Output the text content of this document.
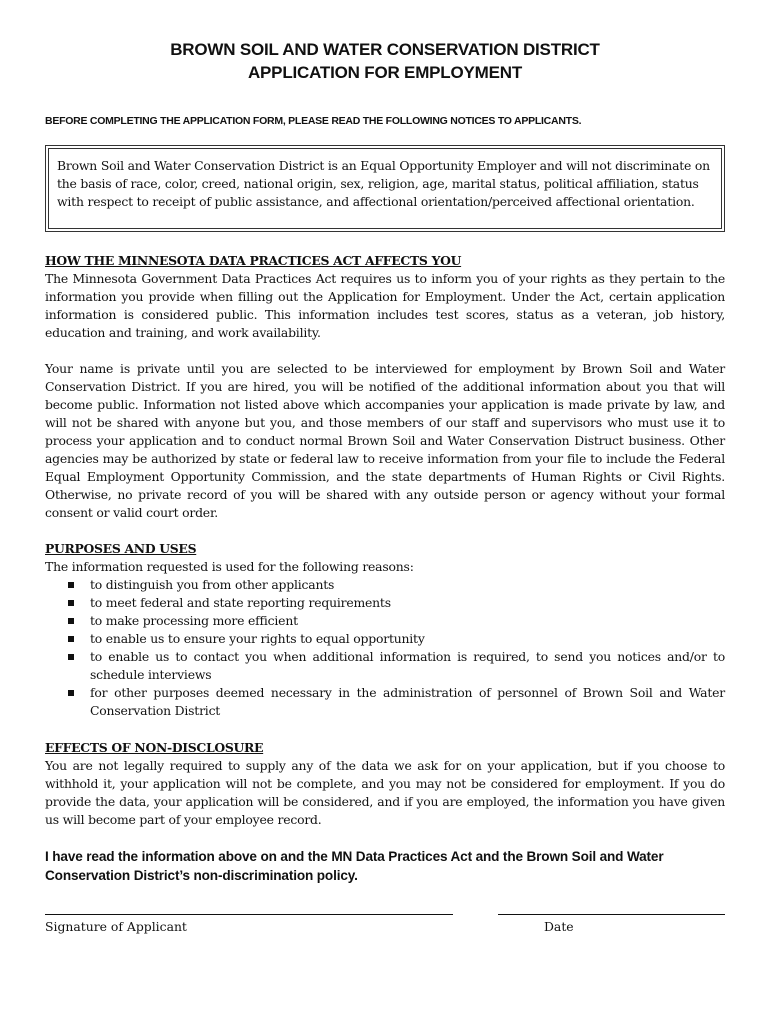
BROWN SOIL AND WATER CONSERVATION DISTRICT
APPLICATION FOR EMPLOYMENT
BEFORE COMPLETING THE APPLICATION FORM, PLEASE READ THE FOLLOWING NOTICES TO APPLICANTS.
Brown Soil and Water Conservation District is an Equal Opportunity Employer and will not discriminate on the basis of race, color, creed, national origin, sex, religion, age, marital status, political affiliation, status with respect to receipt of public assistance, and affectional orientation/perceived affectional orientation.
HOW THE MINNESOTA DATA PRACTICES ACT AFFECTS YOU

The Minnesota Government Data Practices Act requires us to inform you of your rights as they pertain to the information you provide when filling out the Application for Employment. Under the Act, certain application information is considered public. This information includes test scores, status as a veteran, job history, education and training, and work availability.

Your name is private until you are selected to be interviewed for employment by Brown Soil and Water Conservation District. If you are hired, you will be notified of the additional information about you that will become public. Information not listed above which accompanies your application is made private by law, and will not be shared with anyone but you, and those members of our staff and supervisors who must use it to process your application and to conduct normal Brown Soil and Water Conservation Distruct business. Other agencies may be authorized by state or federal law to receive information from your file to include the Federal Equal Employment Opportunity Commission, and the state departments of Human Rights or Civil Rights. Otherwise, no private record of you will be shared with any outside person or agency without your formal consent or valid court order.

PURPOSES AND USES

The information requested is used for the following reasons:

to distinguish you from other applicants
to meet federal and state reporting requirements
to make processing more efficient
to enable us to ensure your rights to equal opportunity
to enable us to contact you when additional information is required, to send you notices and/or to schedule interviews
for other purposes deemed necessary in the administration of personnel of Brown Soil and Water Conservation District
EFFECTS OF NON-DISCLOSURE

You are not legally required to supply any of the data we ask for on your application, but if you choose to withhold it, your application will not be complete, and you may not be considered for employment. If you do provide the data, your application will be considered, and if you are employed, the information you have given us will become part of your employee record.

I have read the information above on and the MN Data Practices Act and the Brown Soil and Water Conservation District’s non-discrimination policy.
Signature of Applicant	Date
